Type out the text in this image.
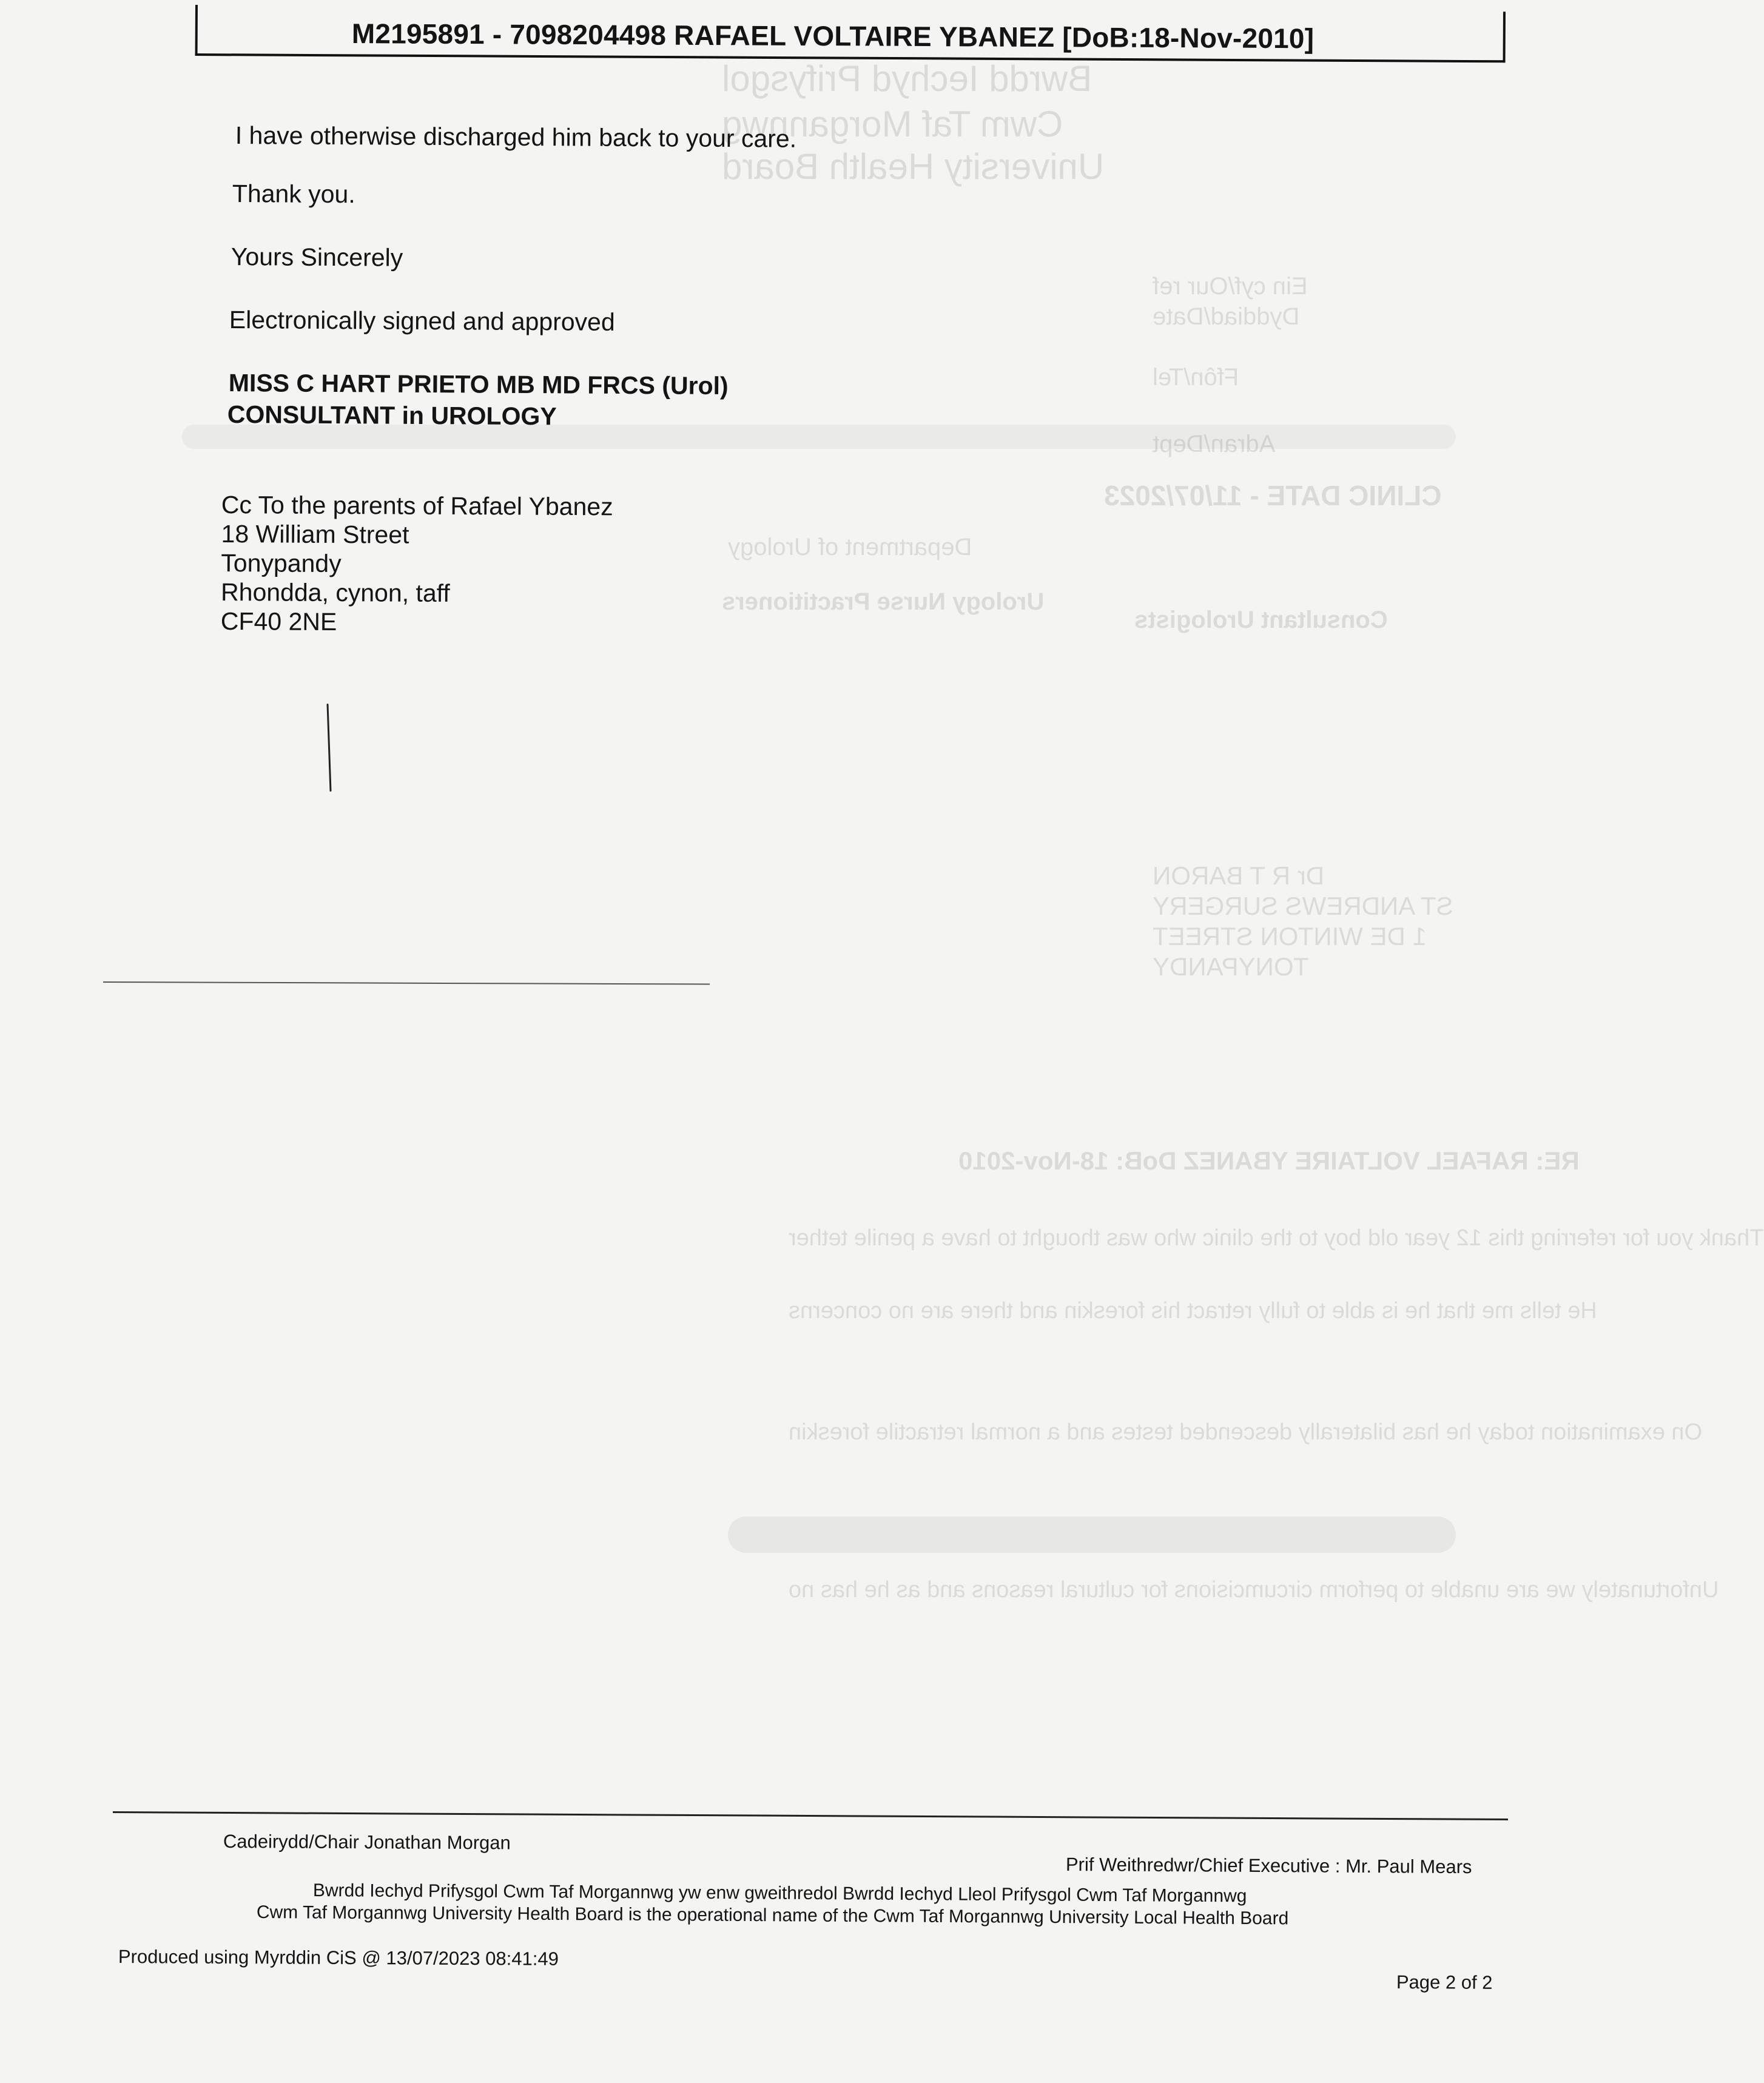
Bwrdd Iechyd Prifysgol
Cwm Taf Morgannwg
University Health Board
Ein cyf/Our ref
Dyddiad/Date
Ffôn/Tel
Adran/Dept
CLINIC DATE - 11/07/2023
Department of Urology
Consultant Urologists
Urology Nurse Practitioners
Dr R T BARON
ST ANDREWS SURGERY
1 DE WINTON STREET
TONYPANDY
RE: RAFAEL VOLTAIRE YBANEZ DoB: 18-Nov-2010
Thank you for referring this 12 year old boy to the clinic who was thought to have a penile tether
He tells me that he is able to fully retract his foreskin and there are no concerns
On examination today he has bilaterally descended testes and a normal retractile foreskin
Unfortunately we are unable to perform circumcisions for cultural reasons and as he has no
M2195891 - 7098204498 RAFAEL VOLTAIRE YBANEZ [DoB:18-Nov-2010]
I have otherwise discharged him back to your care.
Thank you.
Yours Sincerely
Electronically signed and approved
MISS C HART PRIETO MB MD FRCS (Urol)
CONSULTANT in UROLOGY
Cc To the parents of Rafael Ybanez
18 William Street
Tonypandy
Rhondda, cynon, taff
CF40 2NE
Cadeirydd/Chair Jonathan Morgan
Prif Weithredwr/Chief Executive : Mr. Paul Mears
Bwrdd Iechyd Prifysgol Cwm Taf Morgannwg yw enw gweithredol Bwrdd Iechyd Lleol Prifysgol Cwm Taf Morgannwg
Cwm Taf Morgannwg University Health Board is the operational name of the Cwm Taf Morgannwg University Local Health Board
Produced using Myrddin CiS @ 13/07/2023 08:41:49
Page 2 of 2
